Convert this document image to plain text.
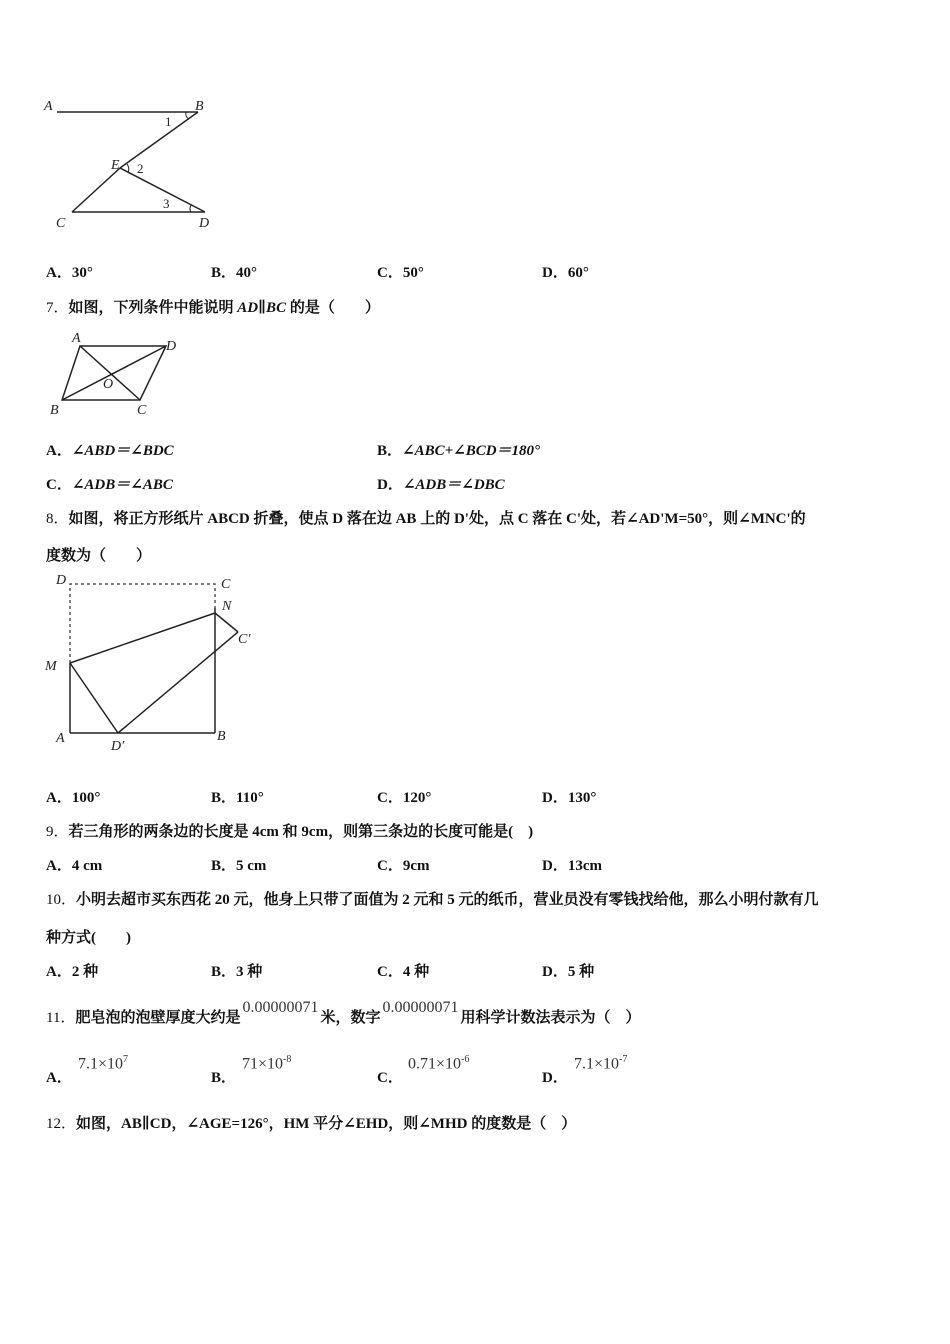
A	B
E
C	D
1
2
3
A．30°	B．40°	C．50°	D．60°
7．如图，下列条件中能说明 AD∥BC 的是（　　）
A
D
O
B	C
A．∠ABD＝∠BDC	B．∠ABC+∠BCD＝180°
C．∠ADB＝∠ABC	D．∠ADB＝∠DBC
8．如图，将正方形纸片 ABCD 折叠，使点 D 落在边 AB 上的 D'处，点 C 落在 C'处，若∠AD'M=50°，则∠MNC'的
度数为（　　）
D	C
N
C′
M
A
D′
B
A．100°	B．110°	C．120°	D．130°
9．若三角形的两条边的长度是 4cm 和 9cm，则第三条边的长度可能是(　)
A．4 cm	B．5 cm	C．9cm	D．13cm
10．小明去超市买东西花 20 元，他身上只带了面值为 2 元和 5 元的纸币，营业员没有零钱找给他，那么小明付款有几
种方式(　　)
A．2 种	B．3 种	C．4 种	D．5 种
11．肥皂泡的泡壁厚度大约是0.00000071米，数字0.00000071用科学计数法表示为（　）
A．
$7.1\times 10^7$
B．
$71\times 10^{-8}$
C．
$0.71\times 10^{-6}$
D．
$7.1\times 10^{-7}$
12．如图，AB∥CD，∠AGE=126°，HM 平分∠EHD，则∠MHD 的度数是（　）
